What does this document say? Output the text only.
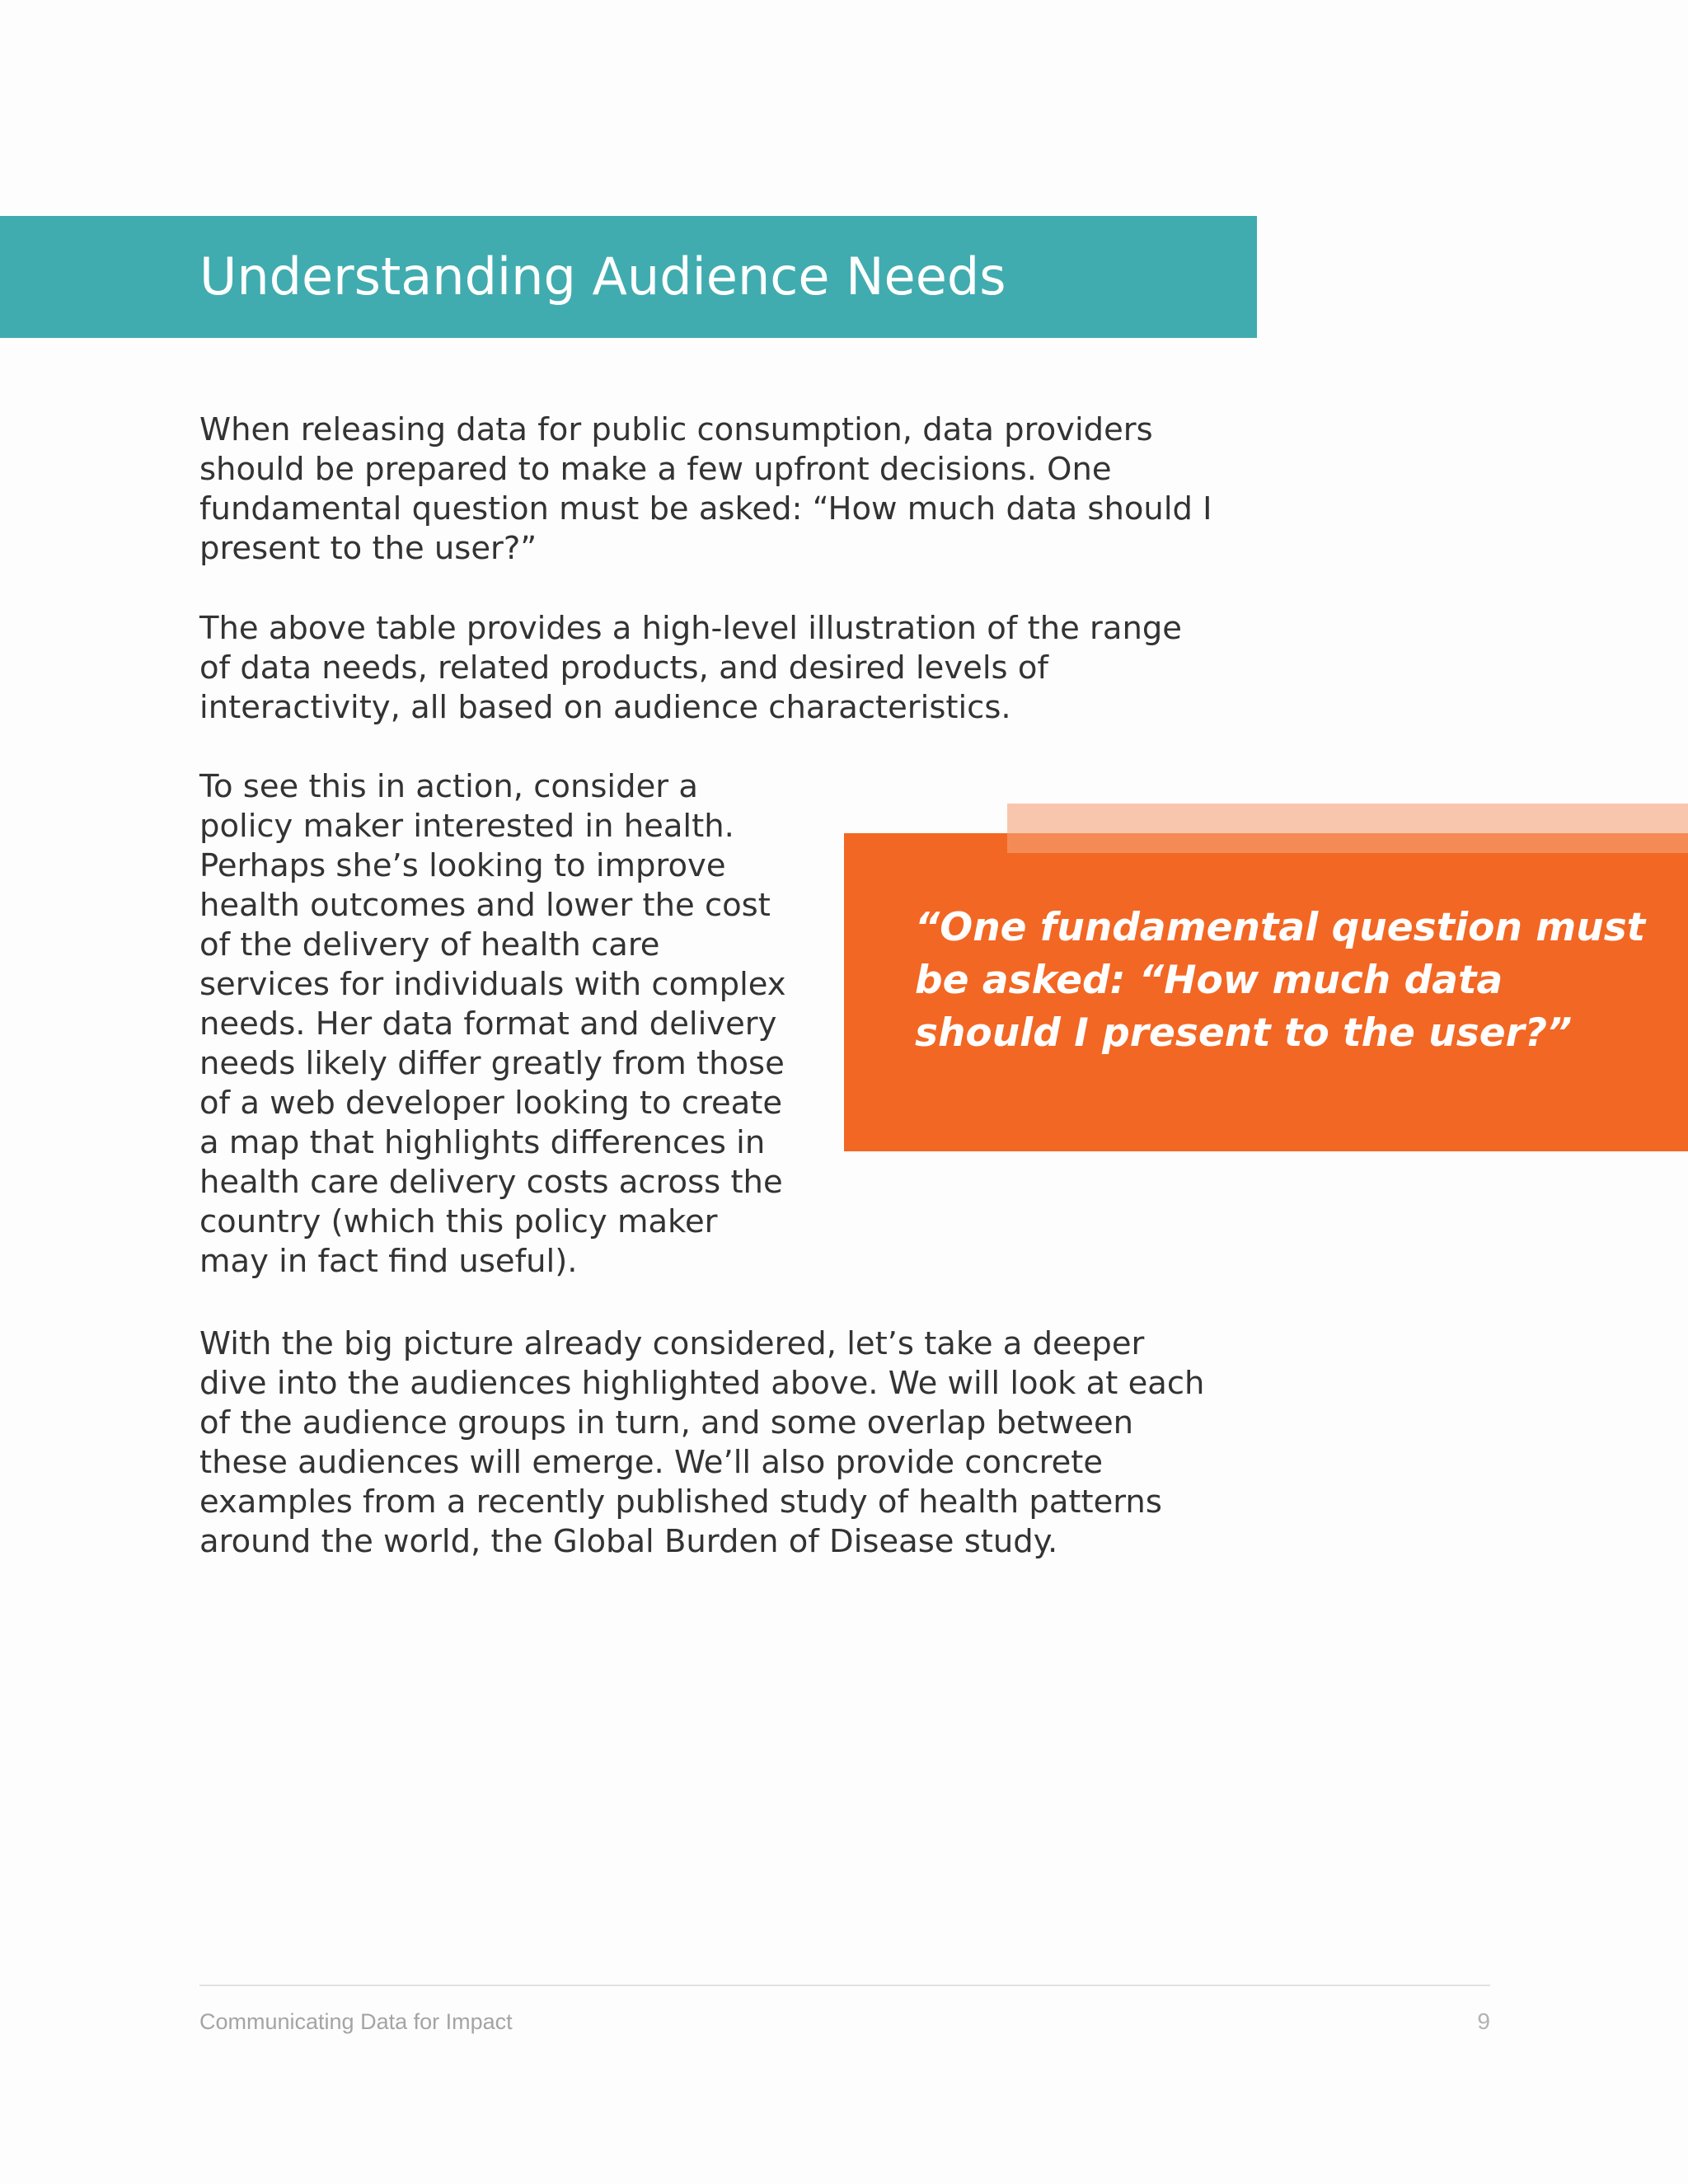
Understanding Audience Needs

When releasing data for public consumption, data providers should be prepared to make a few upfront decisions. One fundamental question must be asked: “How much data should I present to the user?”

The above table provides a high-level illustration of the range of data needs, related products, and desired levels of interactivity, all based on audience characteristics.

To see this in action, consider a policy maker interested in health. Perhaps she’s looking to improve health outcomes and lower the cost of the delivery of health care services for individuals with complex needs. Her data format and delivery needs likely differ greatly from those of a web developer looking to create a map that highlights differences in health care delivery costs across the country (which this policy maker may in fact find useful).

“One fundamental question must be asked: “How much data should I present to the user?”

With the big picture already considered, let’s take a deeper dive into the audiences highlighted above. We will look at each of the audience groups in turn, and some overlap between these audiences will emerge. We’ll also provide concrete examples from a recently published study of health patterns around the world, the Global Burden of Disease study.

Communicating Data for Impact	9
